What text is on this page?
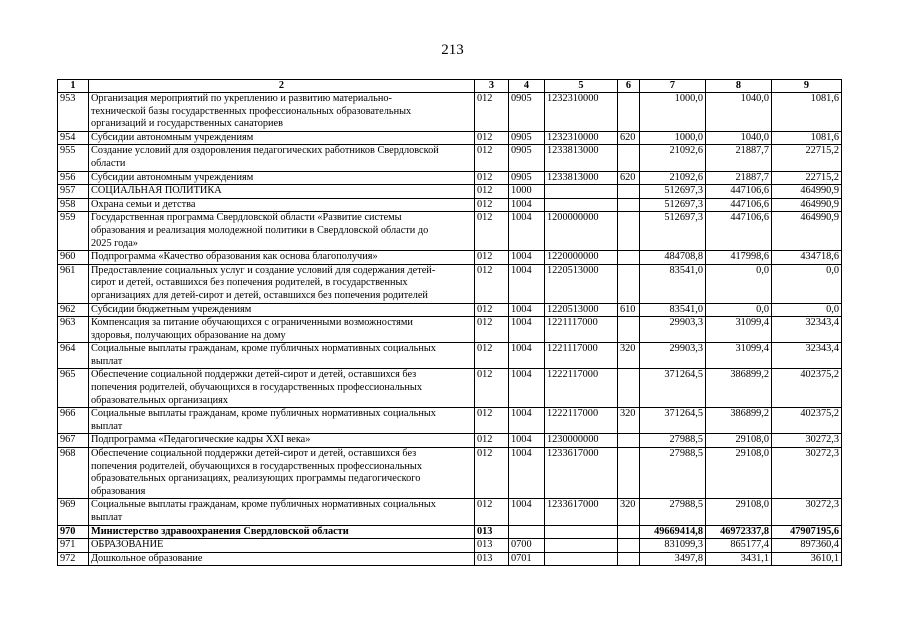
213
1	2	3	4	5	6	7	8	9
953	Организация мероприятий по укреплению и развитию материально-
технической базы государственных профессиональных образовательных
организаций и государственных санаториев	012	0905	1232310000		1000,0	1040,0	1081,6
954	Субсидии автономным учреждениям	012	0905	1232310000	620	1000,0	1040,0	1081,6
955	Создание условий для оздоровления педагогических работников Свердловской
области	012	0905	1233813000		21092,6	21887,7	22715,2
956	Субсидии автономным учреждениям	012	0905	1233813000	620	21092,6	21887,7	22715,2
957	СОЦИАЛЬНАЯ ПОЛИТИКА	012	1000			512697,3	447106,6	464990,9
958	Охрана семьи и детства	012	1004			512697,3	447106,6	464990,9
959	Государственная программа Свердловской области «Развитие системы
образования и реализация молодежной политики в Свердловской области до
2025 года»	012	1004	1200000000		512697,3	447106,6	464990,9
960	Подпрограмма «Качество образования как основа благополучия»	012	1004	1220000000		484708,8	417998,6	434718,6
961	Предоставление социальных услуг и создание условий для содержания детей-
сирот и детей, оставшихся без попечения родителей, в государственных
организациях для детей-сирот и детей, оставшихся без попечения родителей	012	1004	1220513000		83541,0	0,0	0,0
962	Субсидии бюджетным учреждениям	012	1004	1220513000	610	83541,0	0,0	0,0
963	Компенсация за питание обучающихся с ограниченными возможностями
здоровья, получающих образование на дому	012	1004	1221117000		29903,3	31099,4	32343,4
964	Социальные выплаты гражданам, кроме публичных нормативных социальных
выплат	012	1004	1221117000	320	29903,3	31099,4	32343,4
965	Обеспечение социальной поддержки детей-сирот и детей, оставшихся без
попечения родителей, обучающихся в государственных профессиональных
образовательных организациях	012	1004	1222117000		371264,5	386899,2	402375,2
966	Социальные выплаты гражданам, кроме публичных нормативных социальных
выплат	012	1004	1222117000	320	371264,5	386899,2	402375,2
967	Подпрограмма «Педагогические кадры XXI века»	012	1004	1230000000		27988,5	29108,0	30272,3
968	Обеспечение социальной поддержки детей-сирот и детей, оставшихся без
попечения родителей, обучающихся в государственных профессиональных
образовательных организациях, реализующих программы педагогического
образования	012	1004	1233617000		27988,5	29108,0	30272,3
969	Социальные выплаты гражданам, кроме публичных нормативных социальных
выплат	012	1004	1233617000	320	27988,5	29108,0	30272,3
970	Министерство здравоохранения Свердловской области	013				49669414,8	46972337,8	47907195,6
971	ОБРАЗОВАНИЕ	013	0700			831099,3	865177,4	897360,4
972	Дошкольное образование	013	0701			3497,8	3431,1	3610,1
